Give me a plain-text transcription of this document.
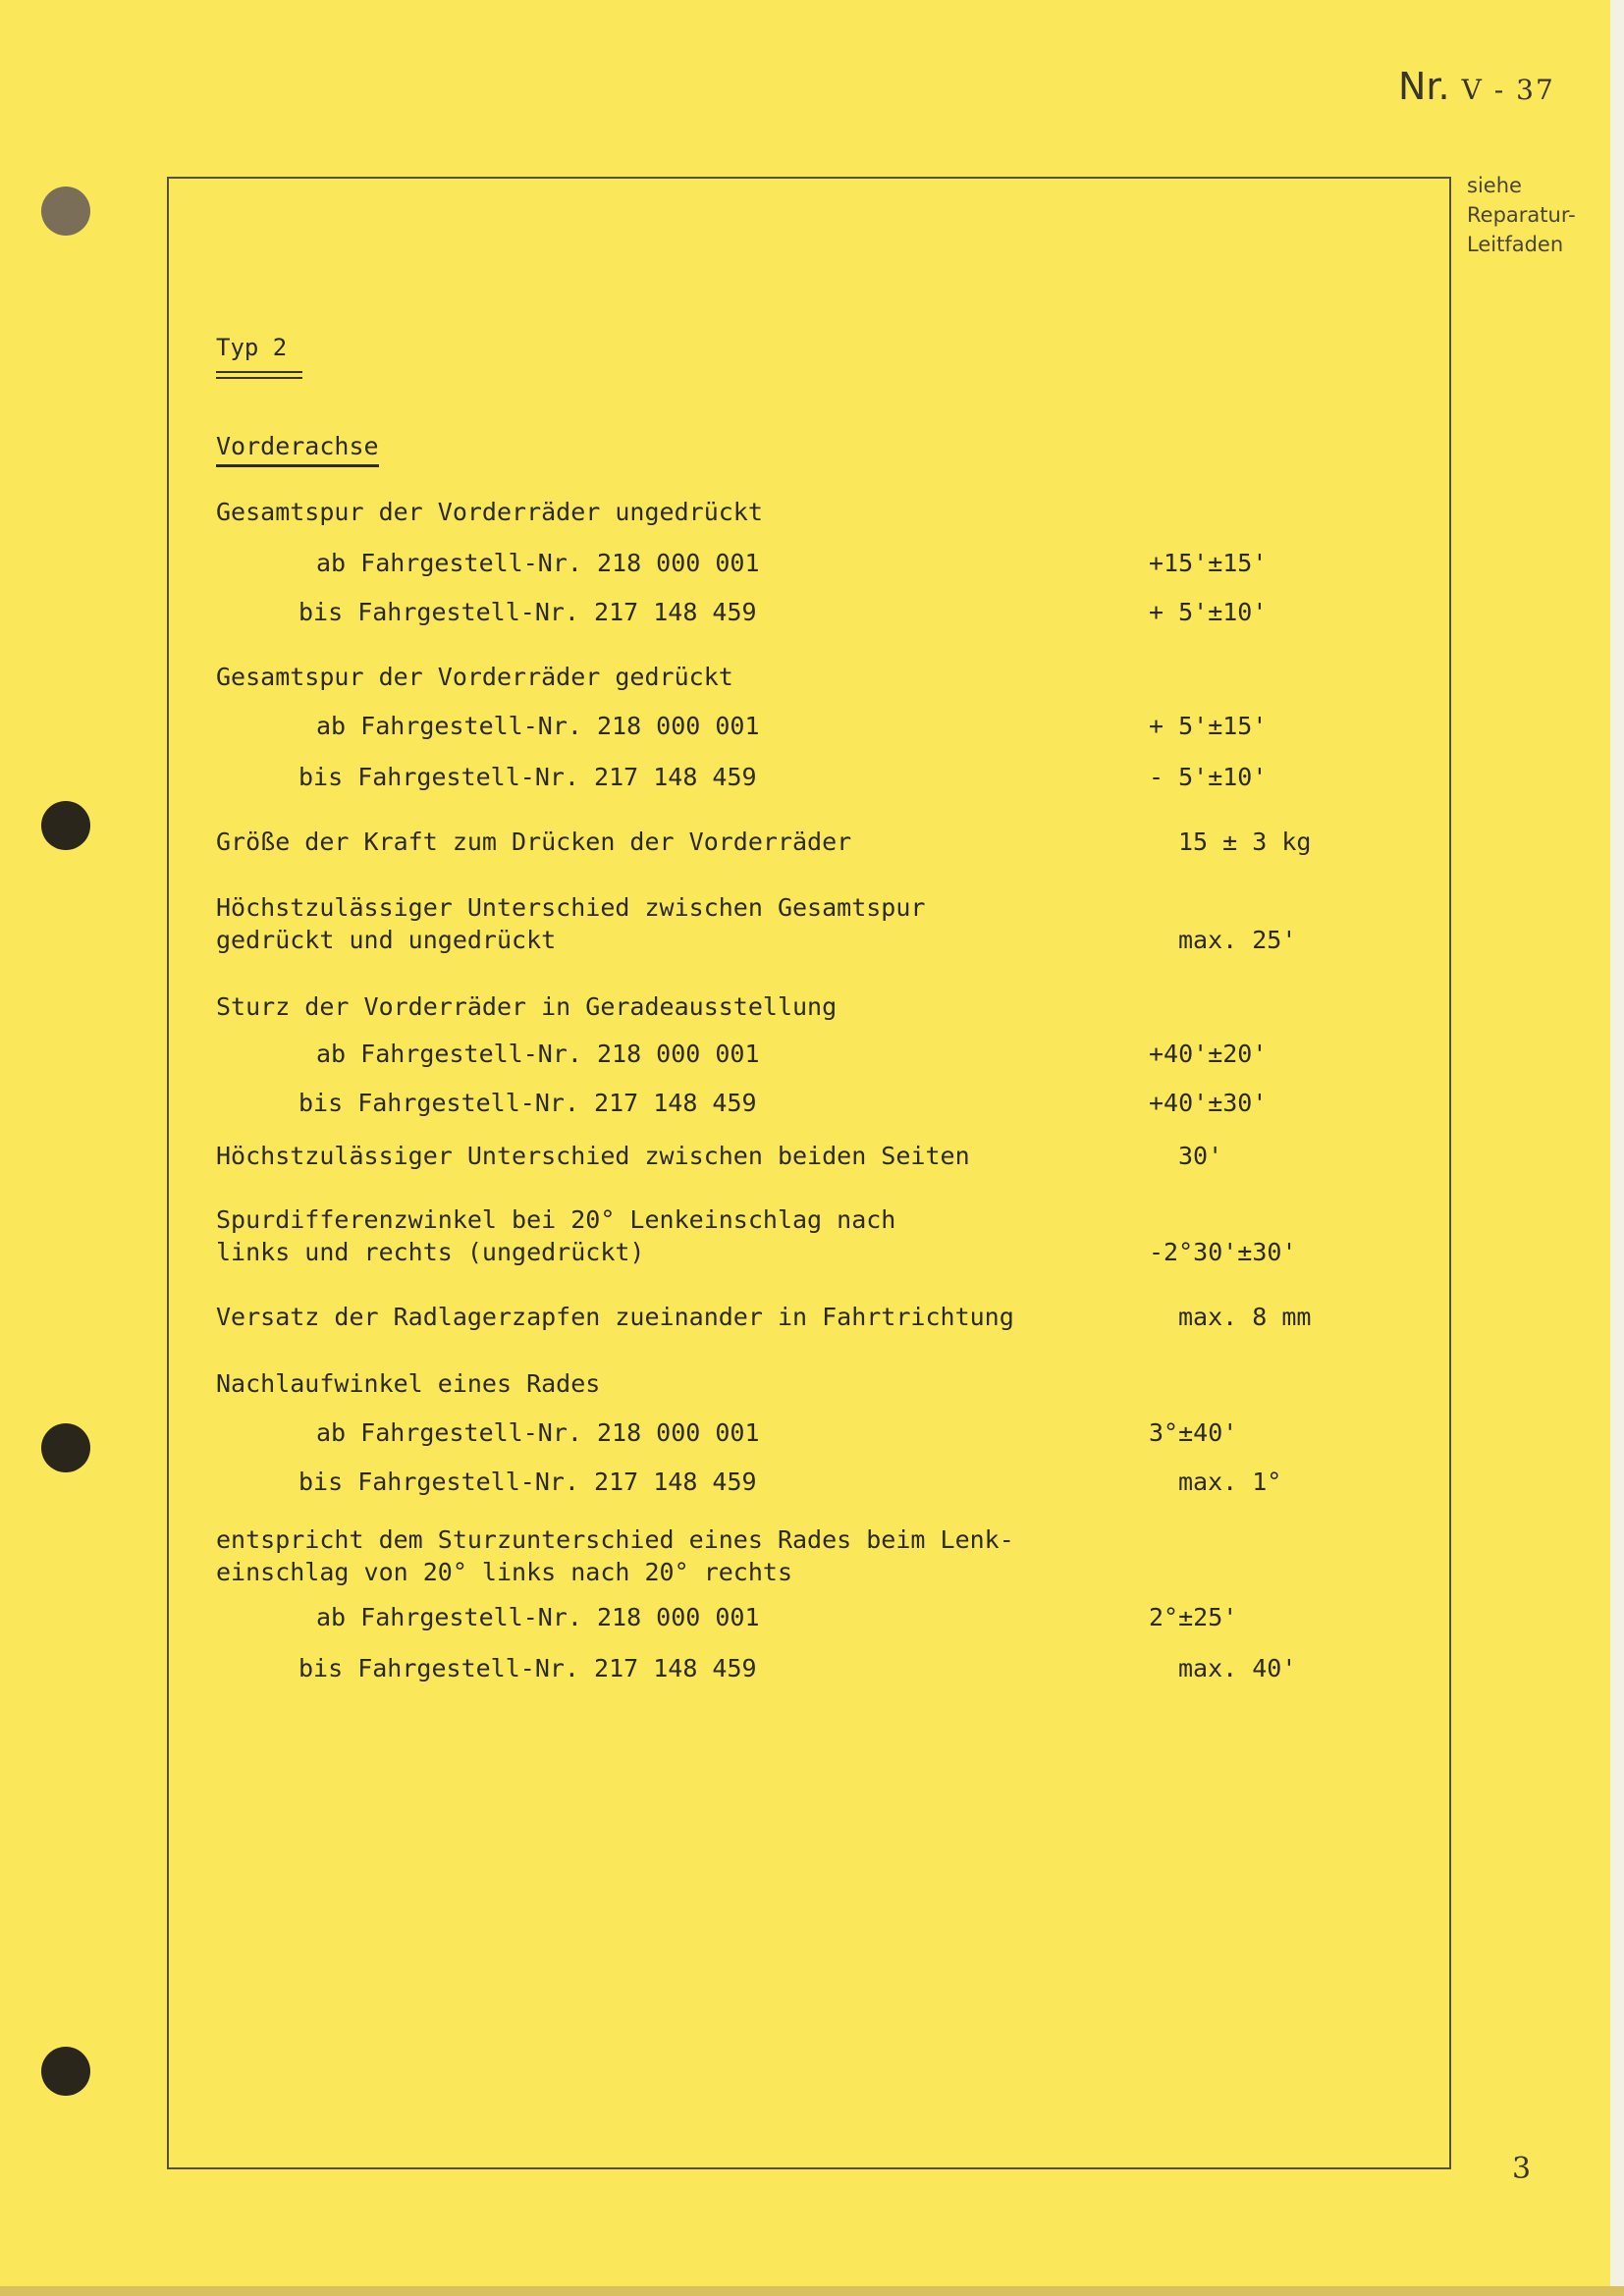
Nr. V - 37
siehe
Reparatur-
Leitfaden
Typ 2
Vorderachse
Gesamtspur der Vorderräder ungedrückt
ab Fahrgestell-Nr. 218 000 001	+15'±15'
bis Fahrgestell-Nr. 217 148 459	+ 5'±10'
Gesamtspur der Vorderräder gedrückt
ab Fahrgestell-Nr. 218 000 001	+ 5'±15'
bis Fahrgestell-Nr. 217 148 459	- 5'±10'
Größe der Kraft zum Drücken der Vorderräder	15 ± 3 kg
Höchstzulässiger Unterschied zwischen Gesamtspur
gedrückt und ungedrückt	max. 25'
Sturz der Vorderräder in Geradeausstellung
ab Fahrgestell-Nr. 218 000 001	+40'±20'
bis Fahrgestell-Nr. 217 148 459	+40'±30'
Höchstzulässiger Unterschied zwischen beiden Seiten	30'
Spurdifferenzwinkel bei 20° Lenkeinschlag nach
links und rechts (ungedrückt)	-2°30'±30'
Versatz der Radlagerzapfen zueinander in Fahrtrichtung	max. 8 mm
Nachlaufwinkel eines Rades
ab Fahrgestell-Nr. 218 000 001	3°±40'
bis Fahrgestell-Nr. 217 148 459	max. 1°
entspricht dem Sturzunterschied eines Rades beim Lenk-
einschlag von 20° links nach 20° rechts
ab Fahrgestell-Nr. 218 000 001	2°±25'
bis Fahrgestell-Nr. 217 148 459	max. 40'
3
